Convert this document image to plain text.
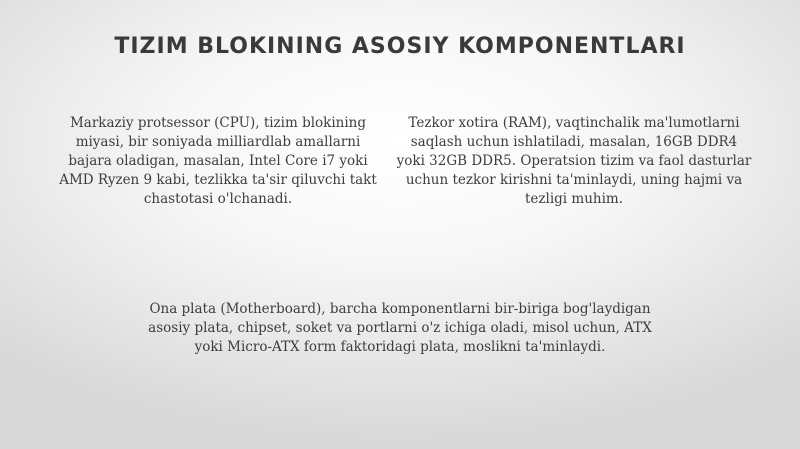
TIZIM BLOKINING ASOSIY KOMPONENTLARI

Markaziy protsessor (CPU), tizim blokining miyasi, bir soniyada milliardlab amallarni bajara oladigan, masalan, Intel Core i7 yoki AMD Ryzen 9 kabi, tezlikka ta'sir qiluvchi takt chastotasi o'lchanadi.

Tezkor xotira (RAM), vaqtinchalik ma'lumotlarni saqlash uchun ishlatiladi, masalan, 16GB DDR4 yoki 32GB DDR5. Operatsion tizim va faol dasturlar uchun tezkor kirishni ta'minlaydi, uning hajmi va tezligi muhim.

Ona plata (Motherboard), barcha komponentlarni bir-biriga bog'laydigan asosiy plata, chipset, soket va portlarni o'z ichiga oladi, misol uchun, ATX yoki Micro-ATX form faktoridagi plata, moslikni ta'minlaydi.
